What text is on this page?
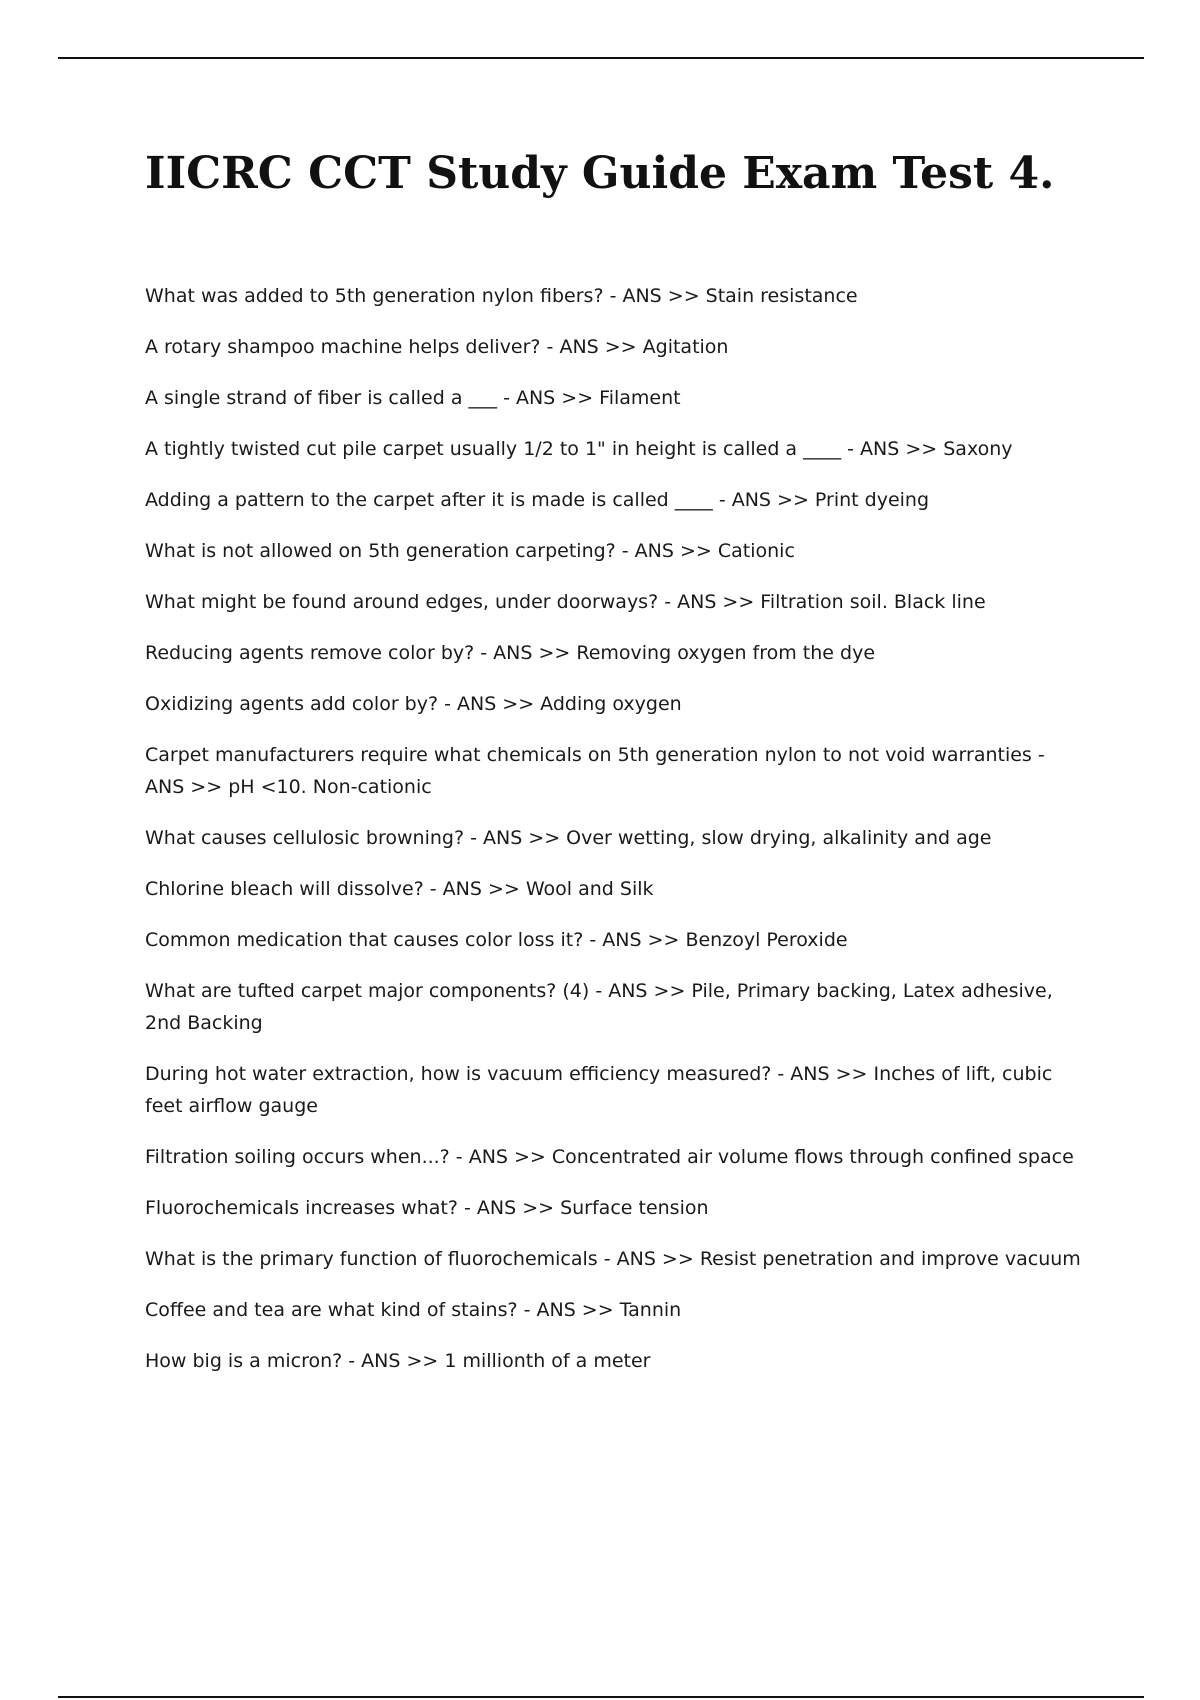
IICRC CCT Study Guide Exam Test 4.
What was added to 5th generation nylon fibers? - ANS >> Stain resistance
A rotary shampoo machine helps deliver? - ANS >> Agitation
A single strand of fiber is called a ___ - ANS >> Filament
A tightly twisted cut pile carpet usually 1/2 to 1" in height is called a ____ - ANS >> Saxony
Adding a pattern to the carpet after it is made is called ____ - ANS >> Print dyeing
What is not allowed on 5th generation carpeting? - ANS >> Cationic
What might be found around edges, under doorways? - ANS >> Filtration soil. Black line
Reducing agents remove color by? - ANS >> Removing oxygen from the dye
Oxidizing agents add color by? - ANS >> Adding oxygen
Carpet manufacturers require what chemicals on 5th generation nylon to not void warranties - ANS >> pH <10. Non-cationic
What causes cellulosic browning? - ANS >> Over wetting, slow drying, alkalinity and age
Chlorine bleach will dissolve? - ANS >> Wool and Silk
Common medication that causes color loss it? - ANS >> Benzoyl Peroxide
What are tufted carpet major components? (4) - ANS >> Pile, Primary backing, Latex adhesive, 2nd Backing
During hot water extraction, how is vacuum efficiency measured? - ANS >> Inches of lift, cubic feet airflow gauge
Filtration soiling occurs when...? - ANS >> Concentrated air volume flows through confined space
Fluorochemicals increases what? - ANS >> Surface tension
What is the primary function of fluorochemicals - ANS >> Resist penetration and improve vacuum
Coffee and tea are what kind of stains? - ANS >> Tannin
How big is a micron? - ANS >> 1 millionth of a meter
